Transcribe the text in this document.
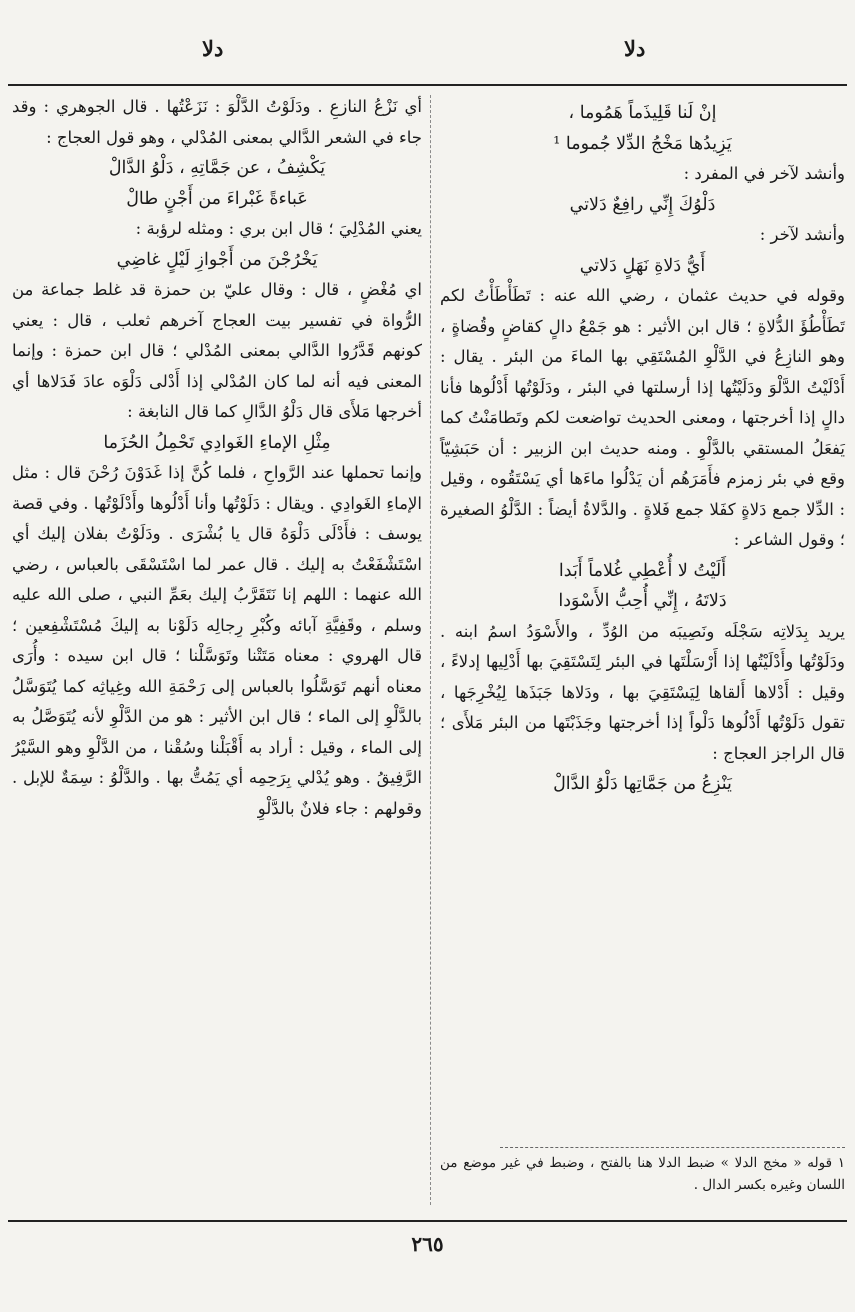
دلا
دلا

إنْ لَنا قَلِيذَماً هَمُوما ،

يَزِيدُها مَخْجُ الدِّلا جُموما ¹

وأنشد لآخر في المفرد :

دَلْوُكَ إِنِّي رافِعٌ دَلاتي

وأنشد لآخر :

أَيُّ دَلاةِ نَهَلٍ دَلاتي

وقوله في حديث عثمان ، رضي الله عنه : تَطَأْطَأْتُ لكم تَطَأْطُؤَ الدُّلاةِ ؛ قال ابن الأثير : هو جَمْعُ دالٍ كقاضٍ وقُضاةٍ ، وهو النازِعُ في الدَّلْوِ المُسْتَقِي بها الماءَ من البئر . يقال : أَدْلَيْتُ الدَّلْوَ ودَلَيْتُها إذا أرسلتها في البئر ، ودَلَوْتُها أَدْلُوها فأنا دالٍ إذا أخرجتها ، ومعنى الحديث تواضعت لكم وتَطامَنْتُ كما يَفعَلُ المستقي بالدَّلْوِ . ومنه حديث ابن الزبير : أن حَبَشِيّاً وقع في بئر زمزم فأَمَرَهُم أن يَدْلُوا ماءَها أي يَسْتَقُوه ، وقيل : الدِّلا جمع دَلاةٍ كفَلا جمع فَلاةٍ . والدَّلاةُ أيضاً : الدَّلْوُ الصغيرة ؛ وقول الشاعر :

أَلَيْتُ لا أُعْطِي غُلاماً أَبَدا

دَلاتَهُ ، إِنِّي أُحِبُّ الأَسْوَدا

يريد بِدَلاتِه سَجْلَه ونَصِيبَه من الوُدِّ ، والأَسْوَدُ اسمُ ابنه . ودَلَوْتُها وأَدْلَيْتُها إذا أَرْسَلْتَها في البئر لِتَسْتَقِيَ بها أَدْلِيها إدلاءً ، وقيل : أَدْلاها أَلقاها لِيَسْتَقِيَ بها ، ودَلاها جَبَذَها لِيُخْرِجَها ، تقول دَلَوْتُها أَدْلُوها دَلْواً إذا أخرجتها وجَذَبْتَها من البئر مَلأَى ؛ قال الراجز العجاج :

يَنْزِعُ من جَمَّاتِها دَلْوُ الدَّالْ

أي نَزْعُ النازعِ . ودَلَوْتُ الدَّلْوَ : نَزَعْتُها . قال الجوهري : وقد جاء في الشعر الدَّالي بمعنى المُدْلي ، وهو قول العجاج :

يَكْشِفُ ، عن جَمَّاتِهِ ، دَلْوُ الدَّالْ

عَباءةً غَبْراءَ من أَجْنٍ طالْ

يعني المُدْلِيَ ؛ قال ابن بري : ومثله لرؤبة :

يَخْرُجْنَ من أَجْوازِ لَيْلٍ غاضِي

اي مُغْضٍ ، قال : وقال عليّ بن حمزة قد غلط جماعة من الرُّواة في تفسير بيت العجاج آخرهم ثعلب ، قال : يعني كونهم قَدَّرُوا الدَّالي بمعنى المُدْلي ؛ قال ابن حمزة : وإنما المعنى فيه أنه لما كان المُدْلي إذا أَدْلى دَلْوَه عادَ فَدَلاها أي أخرجها مَلأَى قال دَلْوُ الدَّالِ كما قال النابغة :

مِثْلِ الإماءِ الغَوادِي تَحْمِلُ الحُزَما

وإنما تحملها عند الرَّواحِ ، فلما كُنَّ إذا غَدَوْنَ رُحْنَ قال : مثل الإماءِ الغَوادِي . ويقال : دَلَوْتُها وأنا أَدْلُوها وأَدْلَوْتُها . وفي قصة يوسف : فأَدْلَى دَلْوَهُ قال يا بُشْرَى . ودَلَوْتُ بفلان إليك أي اسْتَشْفَعْتُ به إليك . قال عمر لما اسْتَسْقَى بالعباس ، رضي الله عنهما : اللهم إنا نَتَقَرَّبُ إليك بعَمِّ النبي ، صلى الله عليه وسلم ، وقَفِيَّةِ آبائه وكُبْرِ رِجالِه دَلَوْنا به إليكَ مُسْتَشْفِعين ؛ قال الهروي : معناه مَتَتْنا وتَوَسَّلْنا ؛ قال ابن سيده : وأُرَى معناه أنهم تَوَسَّلُوا بالعباس إلى رَحْمَةِ الله وغِياثِه كما يُتَوَسَّلُ بالدَّلْوِ إلى الماء ؛ قال ابن الأثير : هو من الدَّلْوِ لأنه يُتَوَصَّلُ به إلى الماء ، وقيل : أراد به أَقْبَلْنا وسُقْنا ، من الدَّلْوِ وهو السَّيْرُ الرَّفِيقُ . وهو يُدْلي بِرَحِمِه أي يَمُتُّ بها . والدَّلْوُ : سِمَةٌ للإبل . وقولهم : جاء فلانٌ بالدَّلْوِ

١ قوله « مخج الدلا » ضبط الدلا هنا بالفتح ، وضبط في غير موضع من اللسان وغيره بكسر الدال .
٢٦٥
